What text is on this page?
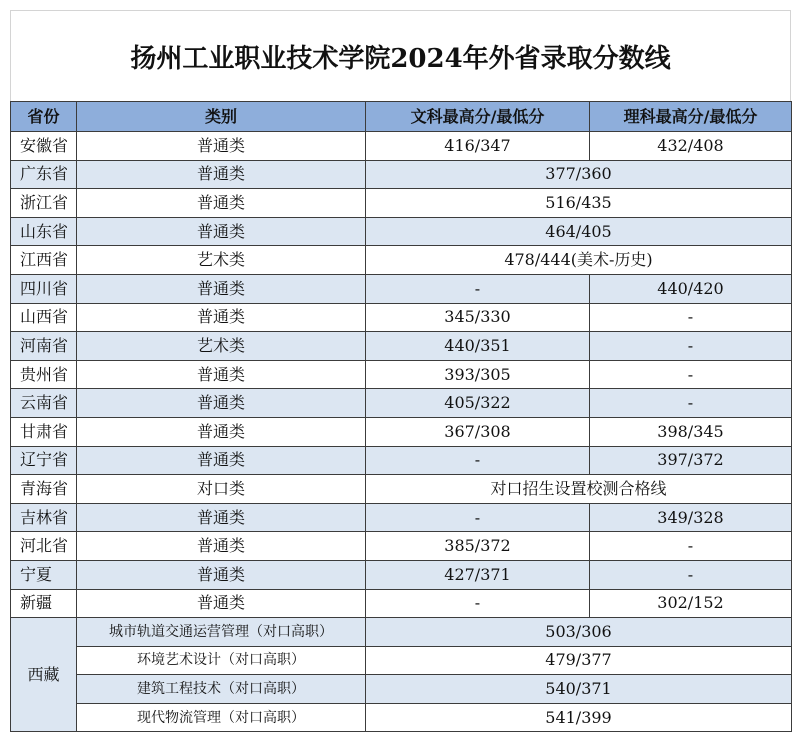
扬州工业职业技术学院2024年外省录取分数线
省份	类别	文科最高分/最低分	理科最高分/最低分
安徽省	普通类	416/347	432/408
广东省	普通类	377/360	
浙江省	普通类	516/435	
山东省	普通类	464/405	
江西省	艺术类	478/444(美术-历史)	
四川省	普通类	-	440/420
山西省	普通类	345/330	-
河南省	艺术类	440/351	-
贵州省	普通类	393/305	-
云南省	普通类	405/322	-
甘肃省	普通类	367/308	398/345
辽宁省	普通类	-	397/372
青海省	对口类	对口招生设置校测合格线	
吉林省	普通类	-	349/328
河北省	普通类	385/372	-
宁夏	普通类	427/371	-
新疆	普通类	-	302/152
西藏	城市轨道交通运营管理（对口高职）	503/306	
	环境艺术设计（对口高职）	479/377	
	建筑工程技术（对口高职）	540/371	
	现代物流管理（对口高职）	541/399	
